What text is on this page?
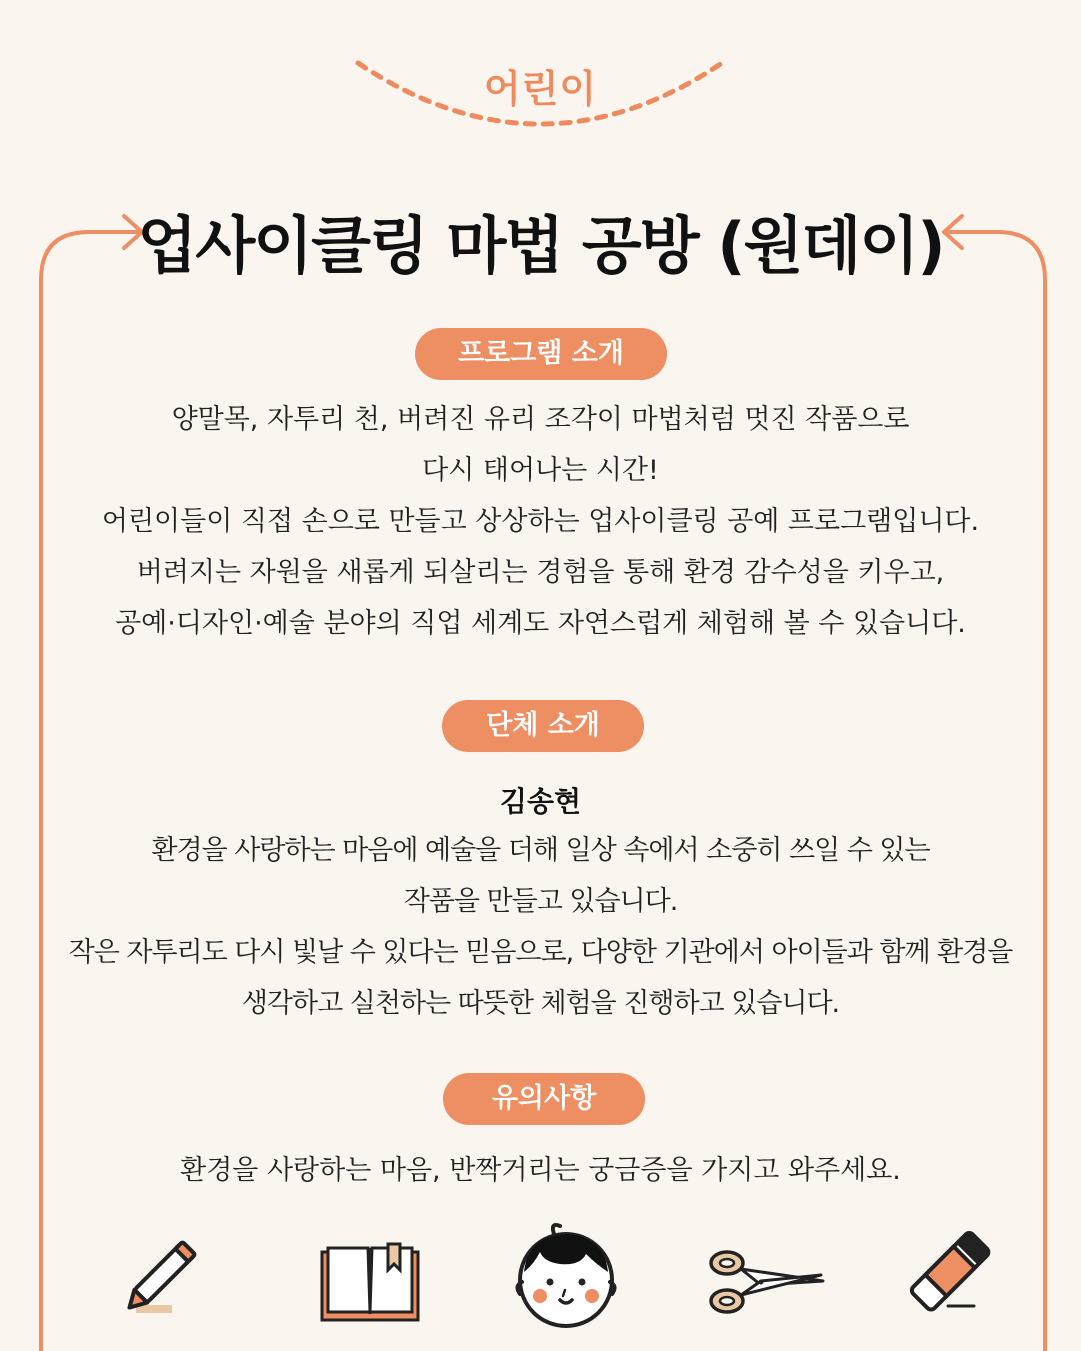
어린이
업사이클링 마법 공방 (원데이)
프로그램 소개
양말목, 자투리 천, 버려진 유리 조각이 마법처럼 멋진 작품으로
다시 태어나는 시간!
어린이들이 직접 손으로 만들고 상상하는 업사이클링 공예 프로그램입니다.
버려지는 자원을 새롭게 되살리는 경험을 통해 환경 감수성을 키우고,
공예·디자인·예술 분야의 직업 세계도 자연스럽게 체험해 볼 수 있습니다.
단체 소개
김송현
환경을 사랑하는 마음에 예술을 더해 일상 속에서 소중히 쓰일 수 있는
작품을 만들고 있습니다.
작은 자투리도 다시 빛날 수 있다는 믿음으로, 다양한 기관에서 아이들과 함께 환경을
생각하고 실천하는 따뜻한 체험을 진행하고 있습니다.
유의사항
환경을 사랑하는 마음, 반짝거리는 궁금증을 가지고 와주세요.
